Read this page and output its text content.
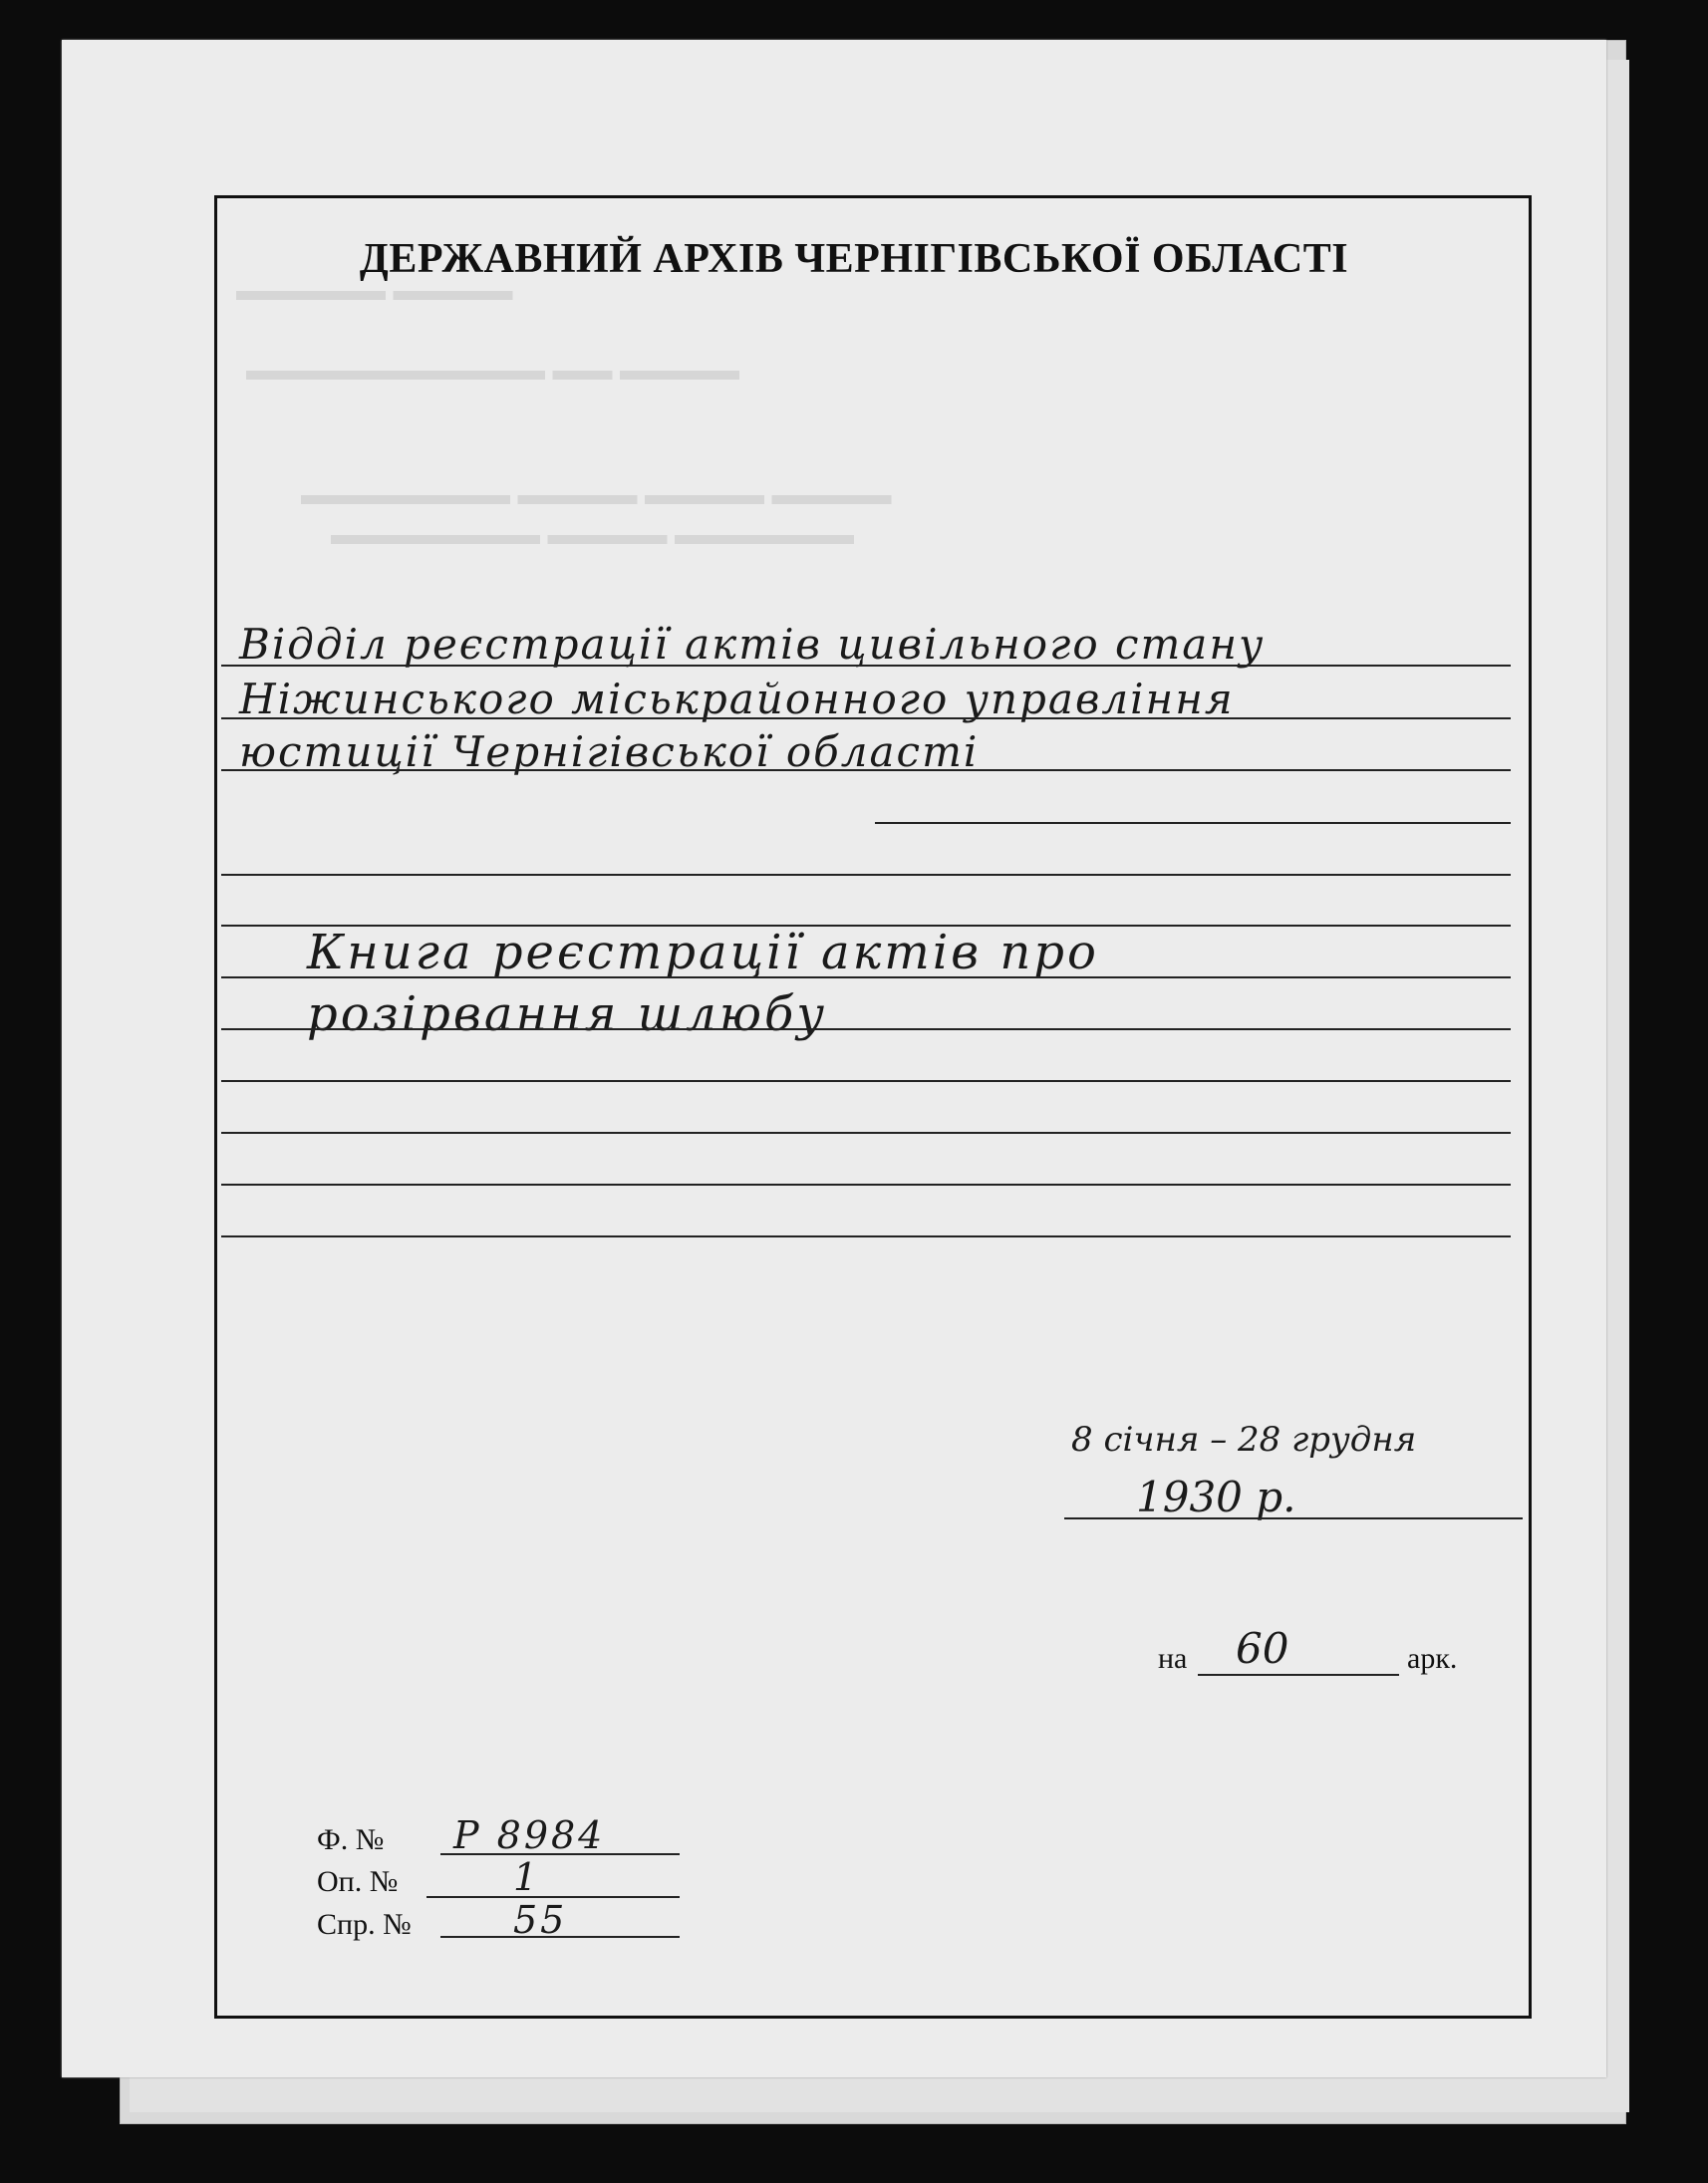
▬▬▬▬▬ ▬▬▬▬
▬▬▬▬▬▬▬▬▬▬ ▬▬ ▬▬▬▬
▬▬▬▬▬▬▬ ▬▬▬▬ ▬▬▬▬ ▬▬▬▬
▬▬▬▬▬▬▬ ▬▬▬▬ ▬▬▬▬▬▬
ДЕРЖАВНИЙ АРХІВ ЧЕРНІГІВСЬКОЇ ОБЛАСТІ
Відділ реєстрації актів цивільного стану
Ніжинського міськрайонного управління
юстиції Чернігівської області
Книга реєстрації актів про
розірвання шлюбу
8 січня – 28 грудня
1930 р.
на 60	арк.
Ф. № Р 8984
Оп. №	1
Спр. №	55
